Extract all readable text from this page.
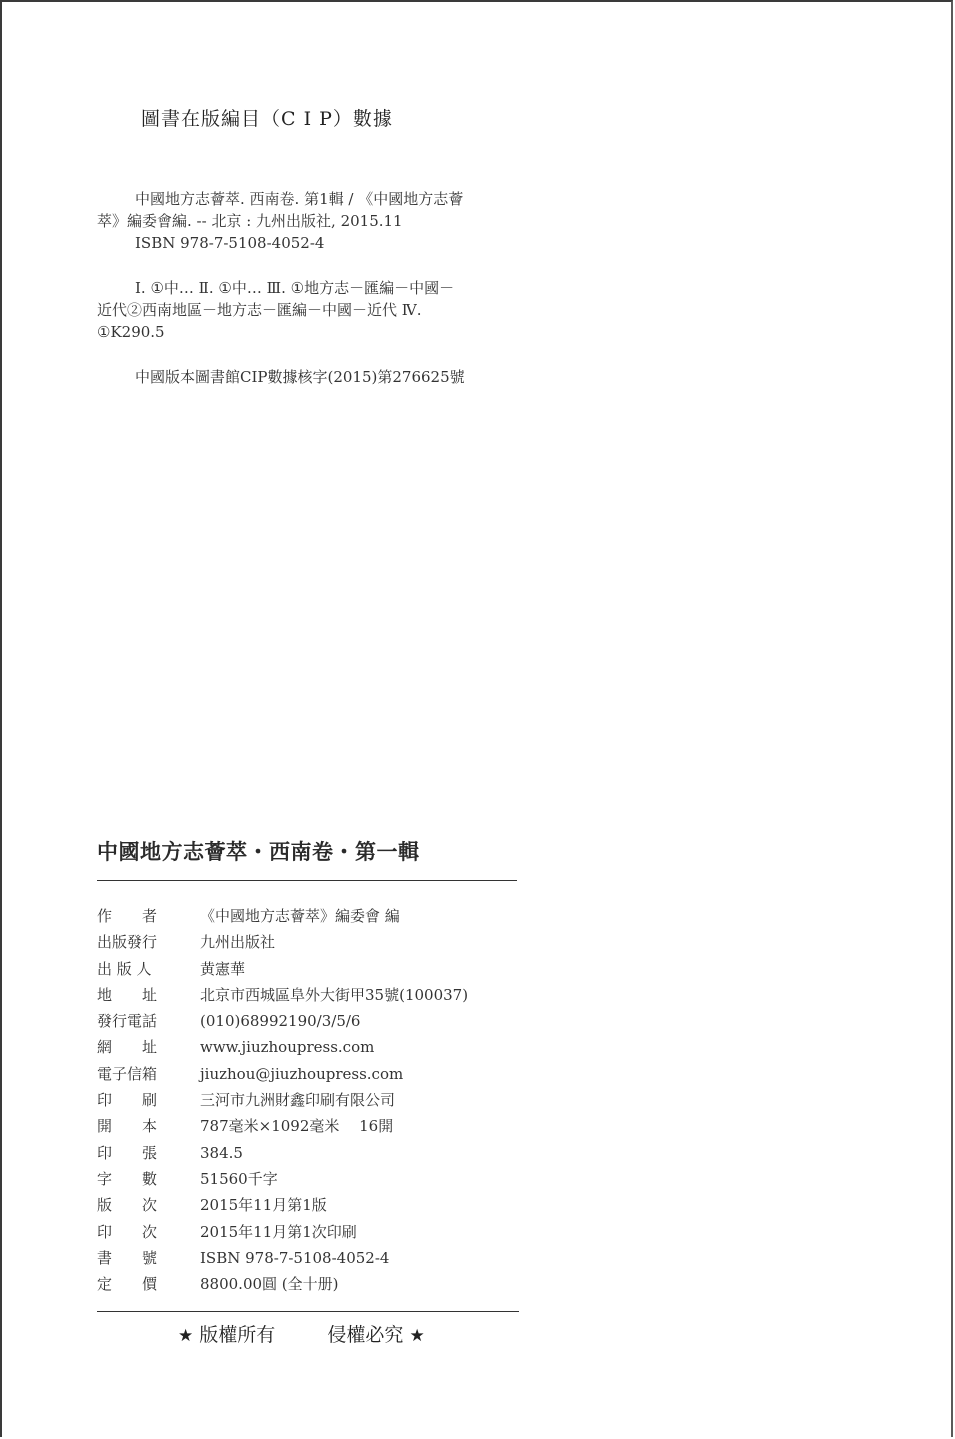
圖書在版編目（C I P）數據
中國地方志薈萃. 西南卷. 第1輯 / 《中國地方志薈
萃》編委會編. -- 北京 : 九州出版社, 2015.11
ISBN 978-7-5108-4052-4
Ⅰ. ①中… Ⅱ. ①中… Ⅲ. ①地方志－匯編－中國－
近代②西南地區－地方志－匯編－中國－近代 Ⅳ.
①K290.5
中國版本圖書館CIP數據核字(2015)第276625號
中國地方志薈萃・西南卷・第一輯
作　　者	《中國地方志薈萃》編委會 編
出版發行	九州出版社
出 版 人	黄憲華
地　　址	北京市西城區阜外大街甲35號(100037)
發行電話	(010)68992190/3/5/6
網　　址	www.jiuzhoupress.com
電子信箱	jiuzhou@jiuzhoupress.com
印　　刷	三河市九洲財鑫印刷有限公司
開　　本	787毫米×1092毫米　 16開
印　　張	384.5
字　　數	51560千字
版　　次	2015年11月第1版
印　　次	2015年11月第1次印刷
書　　號	ISBN 978-7-5108-4052-4
定　　價	8800.00圓 (全十册)
★ 版權所有	侵權必究 ★
